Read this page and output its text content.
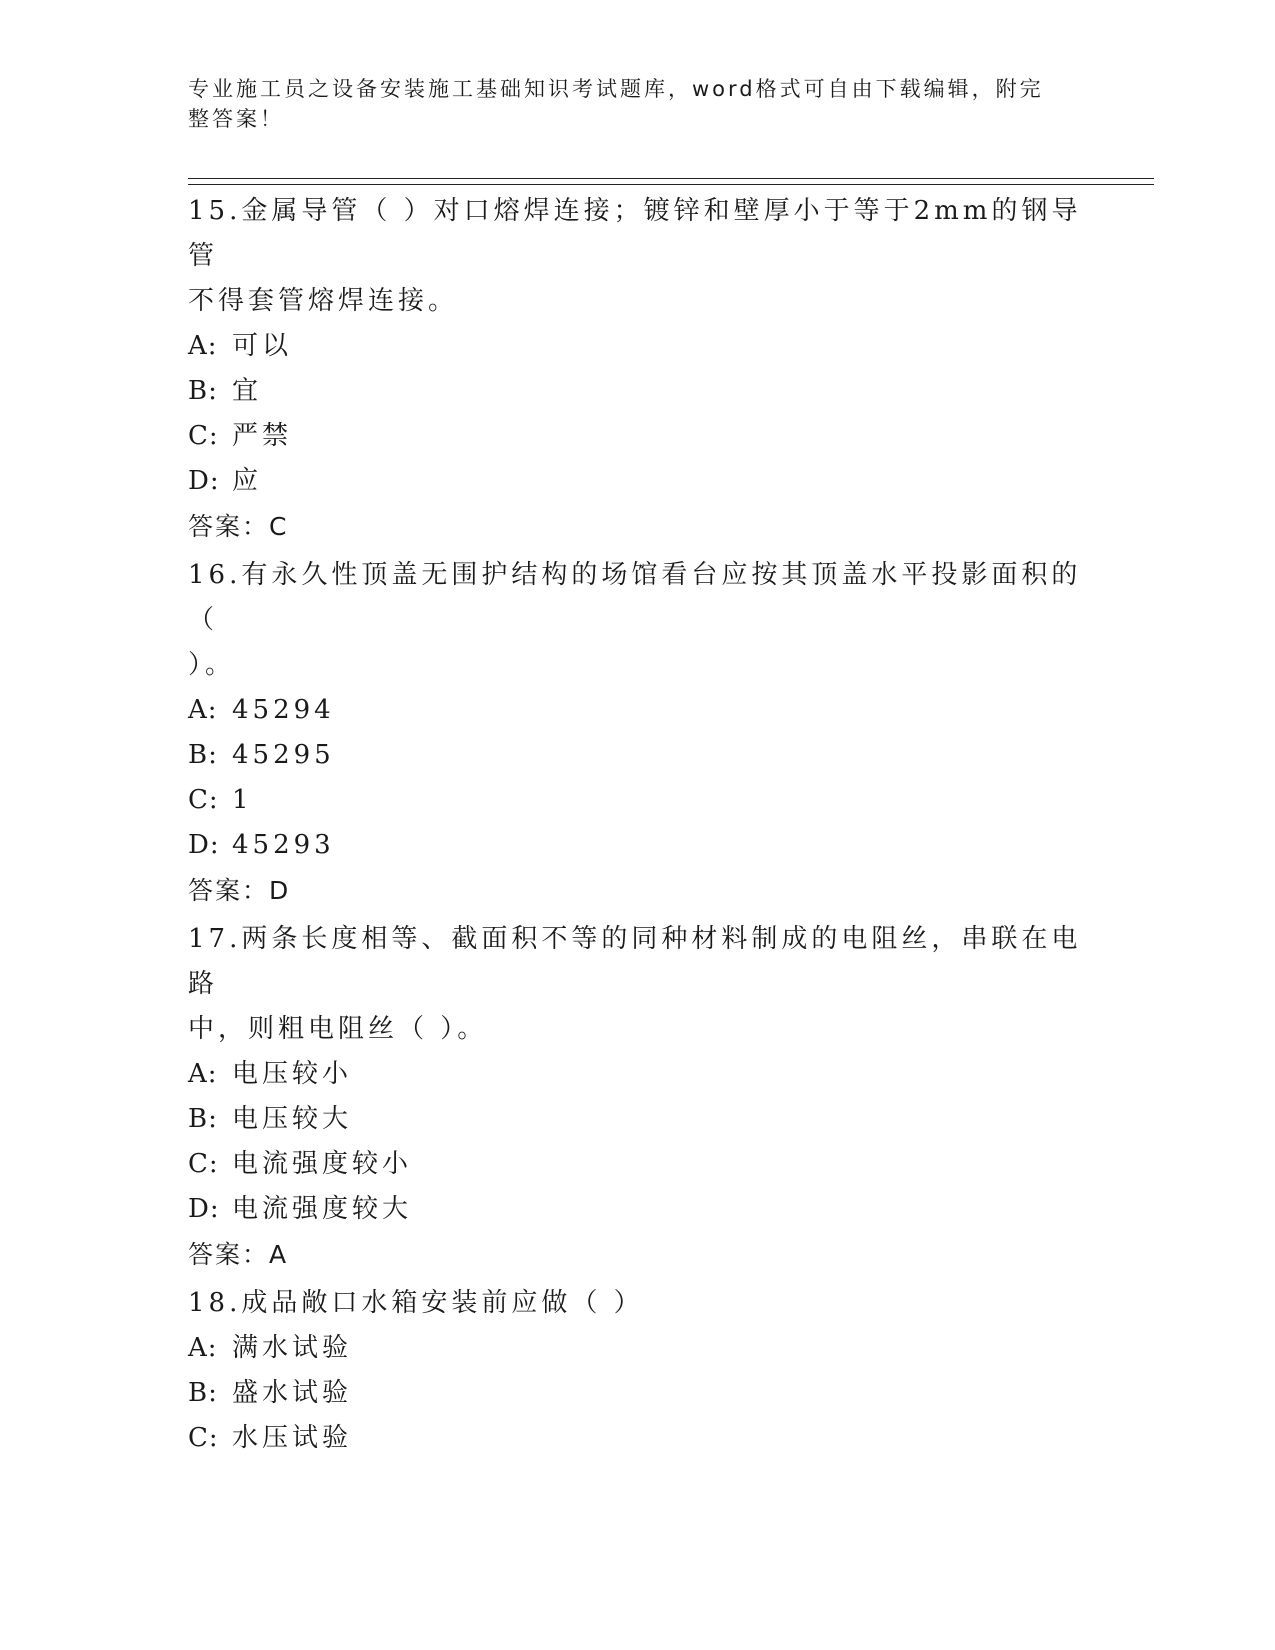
专业施工员之设备安装施工基础知识考试题库，word格式可自由下载编辑，附完
整答案！

15.金属导管（ ）对口熔焊连接；镀锌和壁厚小于等于2mm的钢导管

不得套管熔焊连接。

A: 可以
B: 宜
C: 严禁
D: 应
答案：C

16.有永久性顶盖无围护结构的场馆看台应按其顶盖水平投影面积的（

）。

A: 45294
B: 45295
C: 1
D: 45293
答案：D

17.两条长度相等、截面积不等的同种材料制成的电阻丝，串联在电路

中，则粗电阻丝（ ）。

A: 电压较小
B: 电压较大
C: 电流强度较小
D: 电流强度较大
答案：A

18.成品敞口水箱安装前应做（ ）

A: 满水试验
B: 盛水试验
C: 水压试验
